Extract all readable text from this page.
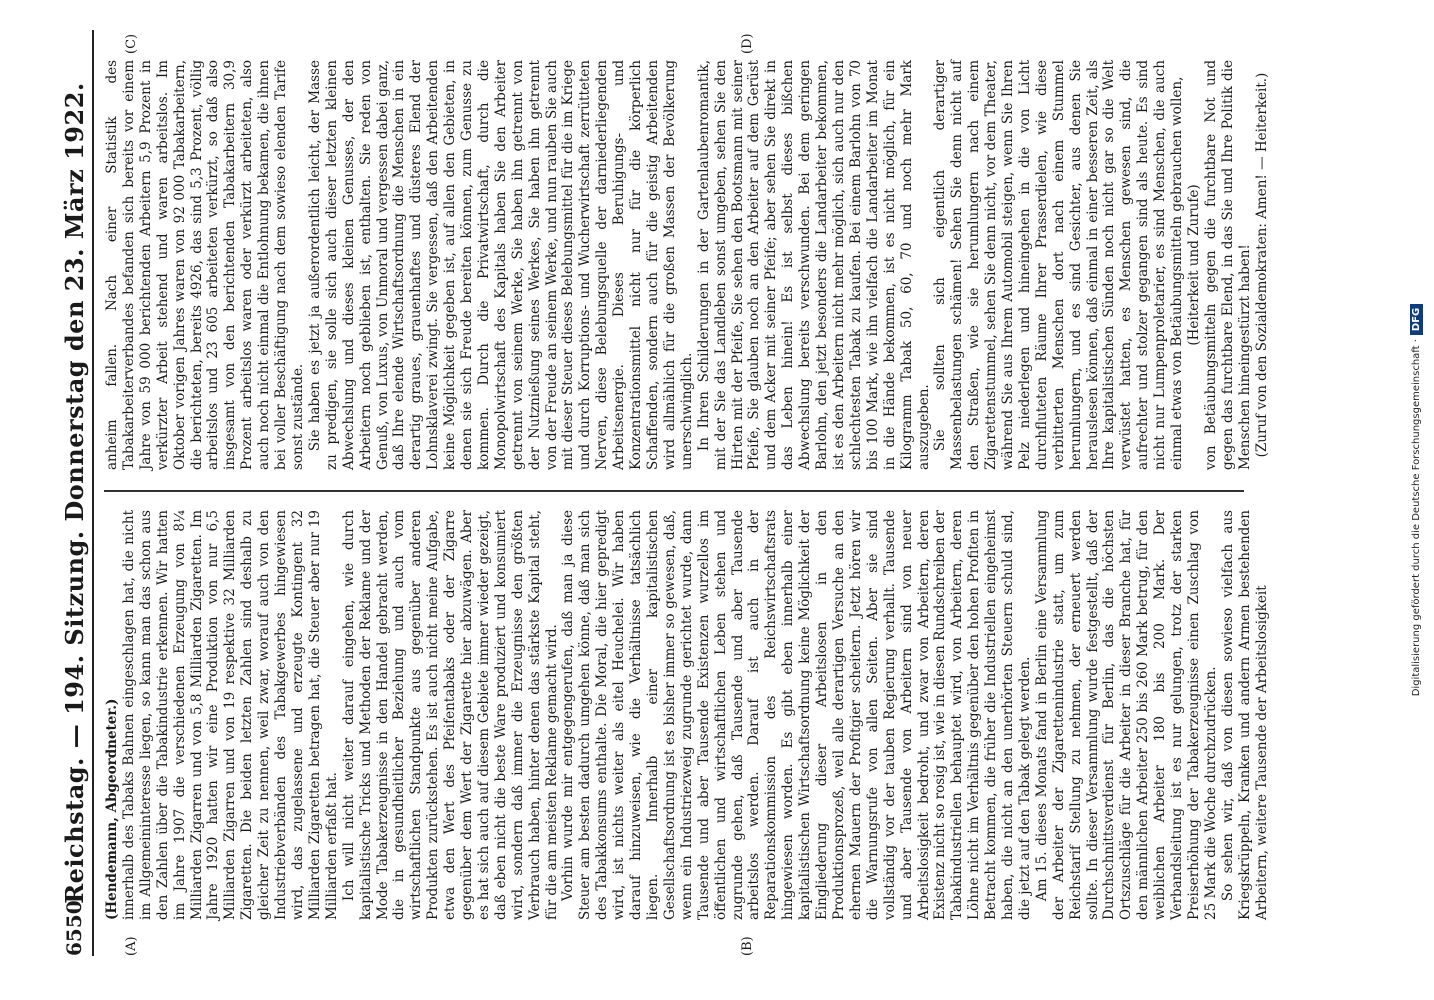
6550
Reichstag. — 194. Sitzung. Donnerstag den 23. März 1922.
(A)	(B)
(C)	(D)

(Hendemann, Abgeordneter.) innerhalb des Tabaks Bahnen eingeschlagen hat, die nicht im Allgemeininteresse liegen, so kann man das schon aus den Zahlen über die Tabakindustrie erkennen. Wir hatten im Jahre 1907 die verschiedenen Erzeugung von 8¼ Milliarden Zigarren und von 5,8 Milliarden Zigaretten. Im Jahre 1920 hatten wir eine Produktion von nur 6,5 Milliarden Zigarren und von 19 respektive 32 Milliarden Zigaretten. Die beiden letzten Zahlen sind deshalb zu gleicher Zeit zu nennen, weil zwar, worauf auch von den Industriebverbänden des Tabakgewerbes hingewiesen wird, das zugelassene und erzeugte Kontingent 32 Milliarden Zigaretten betragen hat, die Steuer aber nur 19 Milliarden erfaßt hat. Ich will nicht weiter darauf eingehen, wie durch kapitalistische Tricks und Methoden der Reklame und der Mode Tabakerzeugnisse in den Handel gebracht werden, die in gesundheitlicher Beziehung und auch vom wirtschaftlichen Standpunkte aus gegenüber anderen Produkten zurückstehen. Es ist auch nicht meine Aufgabe, etwa den Wert des Pfeifentabaks oder der Zigarre gegenüber dem Wert der Zigarette hier abzuwägen. Aber es hat sich auch auf diesem Gebiete immer wieder gezeigt, daß eben nicht die beste Ware produziert und konsumiert wird, sondern daß immer die Erzeugnisse den größten Verbrauch haben, hinter denen das stärkste Kapital steht, für die am meisten Reklame gemacht wird. Vorhin wurde mir entgegengerufen, daß man ja diese Steuer am besten dadurch umgehen könne, daß man sich des Tabakkonsums enthalte. Die Moral, die hier gepredigt wird, ist nichts weiter als eitel Heuchelei. Wir haben darauf hinzuweisen, wie die Verhältnisse tatsächlich liegen. Innerhalb einer kapitalistischen Gesellschaftsordnung ist es bisher immer so gewesen, daß, wenn ein Industriezweig zugrunde gerichtet wurde, dann Tausende und aber Tausende Existenzen wurzellos im öffentlichen und wirtschaftlichen Leben stehen und zugrunde gehen, daß Tausende und aber Tausende arbeitslos werden. Darauf ist auch in der Reparationskommission des Reichswirtschaftsrats hingewiesen worden. Es gibt eben innerhalb einer kapitalistischen Wirtschaftsordnung keine Möglichkeit der Eingliederung dieser Arbeitslosen in den Produktionsprozeß, weil alle derartigen Versuche an den ehernen Mauern der Profitgier scheitern. Jetzt hören wir die Warnungsrufe von allen Seiten. Aber sie sind vollständig vor der tauben Regierung verhallt. Tausende und aber Tausende von Arbeitern sind von neuer Arbeitslosigkeit bedroht, und zwar von Arbeitern, deren Existenz nicht so rosig ist, wie in diesen Rundschreiben der Tabakindustriellen behauptet wird, von Arbeitern, deren Löhne nicht im Verhältnis gegenüber den hohen Profiten in Betracht kommen, die früher die Industriellen eingeheimst haben, die nicht an den unerhörten Steuern schuld sind, die jetzt auf den Tabak gelegt werden. Am 15. dieses Monats fand in Berlin eine Versammlung der Arbeiter der Zigarettenindustrie statt, um zum Reichstarif Stellung zu nehmen, der erneuert werden sollte. In dieser Versammlung wurde festgestellt, daß der Durchschnittsverdienst für Berlin, das die höchsten Ortszuschläge für die Arbeiter in dieser Branche hat, für den männlichen Arbeiter 250 bis 260 Mark betrug, für den weiblichen Arbeiter 180 bis 200 Mark. Der Verbandsleitung ist es nur gelungen, trotz der starken Preiserhöhung der Tabakerzeugnisse einen Zuschlag von 25 Mark die Woche durchzudrücken. So sehen wir, daß von diesen sowieso vielfach aus Kriegskrüppeln, Kranken und andern Armen bestehenden Arbeitern, weitere Tausende der Arbeitslosigkeit

anheim fallen. Nach einer Statistik des Tabakarbeiterverbandes befanden sich bereits vor einem Jahre von 59 000 berichtenden Arbeitern 5,9 Prozent in verkürzter Arbeit stehend und waren arbeitslos. Im Oktober vorigen Jahres waren von 92 000 Tabakarbeitern, die berichteten, bereits 4926, das sind 5,3 Prozent, völlig arbeitslos und 23 605 arbeiteten verkürzt, so daß also insgesamt von den berichtenden Tabakarbeitern 30,9 Prozent arbeitslos waren oder verkürzt arbeiteten, also auch noch nicht einmal die Entlohnung bekamen, die ihnen bei voller Beschäftigung nach dem sowieso elenden Tarife sonst zustände. Sie haben es jetzt ja außerordentlich leicht, der Masse zu predigen, sie solle sich auch dieser letzten kleinen Abwechslung und dieses kleinen Genusses, der den Arbeitern noch geblieben ist, enthalten. Sie reden von Genuß, von Luxus, von Unmoral und vergessen dabei ganz, daß Ihre elende Wirtschaftsordnung die Menschen in ein derartig graues, grauenhaftes und düsteres Elend der Lohnsklaverei zwingt. Sie vergessen, daß den Arbeitenden keine Möglichkeit gegeben ist, auf allen den Gebieten, in denen sie sich Freude bereiten können, zum Genusse zu kommen. Durch die Privatwirtschaft, durch die Monopolwirtschaft des Kapitals haben Sie den Arbeiter getrennt von seinem Werke, Sie haben ihn getrennt von der Nutznießung seines Werkes, Sie haben ihn getrennt von der Freude an seinem Werke, und nun rauben Sie auch mit dieser Steuer dieses Belebungsmittel für die im Kriege und durch Korruptions- und Wucherwirtschaft zerrütteten Nerven, diese Belebungsquelle der darniederliegenden Arbeitsenergie. Dieses Beruhigungs- und Konzentrationsmittel nicht nur für die körperlich Schaffenden, sondern auch für die geistig Arbeitenden wird allmählich für die großen Massen der Bevölkerung unerschwinglich. In Ihren Schilderungen in der Gartenlaubenromantik, mit der Sie das Landleben sonst umgeben, sehen Sie den Hirten mit der Pfeife, Sie sehen den Bootsmann mit seiner Pfeife, Sie glauben noch an den Arbeiter auf dem Gerüst und dem Acker mit seiner Pfeife; aber sehen Sie direkt in das Leben hinein! Es ist selbst dieses bißchen Abwechslung bereits verschwunden. Bei dem geringen Barlohn, den jetzt besonders die Landarbeiter bekommen, ist es den Arbeitern nicht mehr möglich, sich auch nur den schlechtesten Tabak zu kaufen. Bei einem Barlohn von 70 bis 100 Mark, wie ihn vielfach die Landarbeiter im Monat in die Hände bekommen, ist es nicht möglich, für ein Kilogramm Tabak 50, 60, 70 und noch mehr Mark auszugeben. Sie sollten sich eigentlich derartiger Massenbelastungen schämen! Sehen Sie denn nicht auf den Straßen, wie sie herumlungern nach einem Zigarettenstummel, sehen Sie denn nicht, vor dem Theater, während Sie aus Ihrem Automobil steigen, wenn Sie Ihren Pelz niederlegen und hineingehen in die von Licht durchfluteten Räume Ihrer Prasserdielen, wie diese verbitterten Menschen dort nach einem Stummel herumlungern, und es sind Gesichter, aus denen Sie herauslesen können, daß einmal in einer besseren Zeit, als Ihre kapitalistischen Sünden noch nicht gar so die Welt verwüstet hatten, es Menschen gewesen sind, die aufrechter und stolzer gegangen sind als heute. Es sind nicht nur Lumpenproletarier, es sind Menschen, die auch einmal etwas von Betäubungsmitteln gebrauchen wollen, (Heiterkeit und Zurufe) von Betäubungsmitteln gegen die furchtbare Not und gegen das furchtbare Elend, in das Sie und Ihre Politik die Menschen hineingestürzt haben! (Zuruf von den Sozialdemokraten: Amen! — Heiterkeit.)

Digitalisierung gefördert durch die Deutsche Forschungsgemeinschaft ·DFG
